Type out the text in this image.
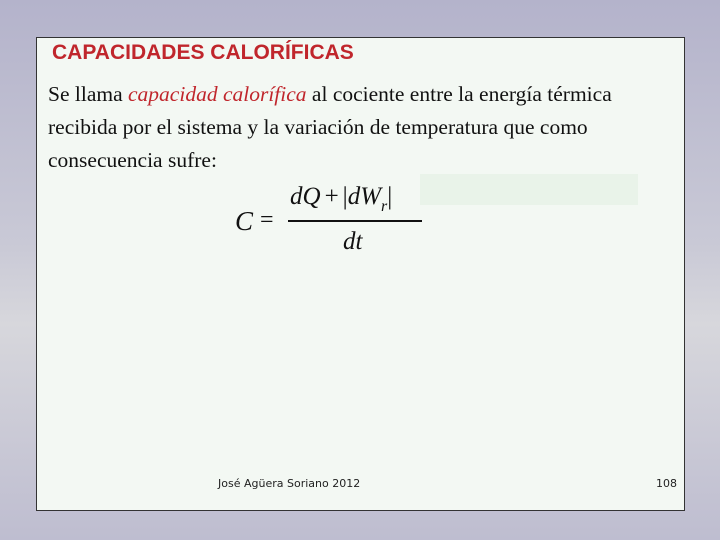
CAPACIDADES CALORÍFICAS

Se llama capacidad calorífica al cociente entre la energía térmica recibida por el sistema y la variación de temperatura que como consecuencia sufre:

C =
dQ + $|dW_r|$
dt
José Agüera Soriano 2012	108
